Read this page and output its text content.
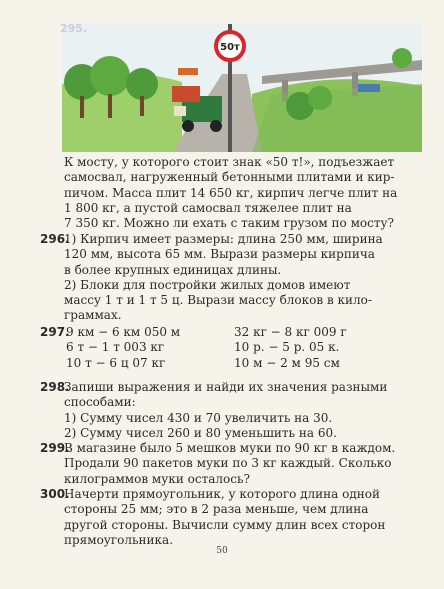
50т
295.
К мосту, у которого стоит знак «50 т!», подъезжает
самосвал, нагруженный бетонными плитами и кир-
пичом. Масса плит 14 650 кг, кирпич легче плит на
1 800 кг, а пустой самосвал тяжелее плит на
7 350 кг. Можно ли ехать с таким грузом по мосту?
296.
1) Кирпич имеет размеры: длина 250 мм, ширина
120 мм, высота 65 мм. Вырази размеры кирпича
в более крупных единицах длины.
2) Блоки для постройки жилых домов имеют
массу 1 т и 1 т 5 ц. Вырази массу блоков в кило-
граммах.
297.
9 км − 6 км 050 м
6 т − 1 т 003 кг
10 т − 6 ц 07 кг
32 кг − 8 кг 009 г
10 р. − 5 р. 05 к.
10 м − 2 м 95 см
298.
Запиши выражения и найди их значения разными
способами:
1) Сумму чисел 430 и 70 увеличить на 30.
2) Сумму чисел 260 и 80 уменьшить на 60.
299.
В магазине было 5 мешков муки по 90 кг в каждом.
Продали 90 пакетов муки по 3 кг каждый. Сколько
килограммов муки осталось?
300.
Начерти прямоугольник, у которого длина одной
стороны 25 мм; это в 2 раза меньше, чем длина
другой стороны. Вычисли сумму длин всех сторон
прямоугольника.
50
